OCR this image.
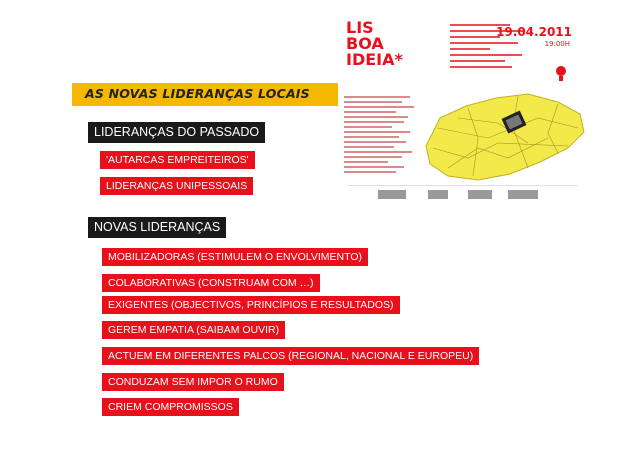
AS NOVAS LIDERANÇAS LOCAIS
LIS
BOA
IDEIA*
19.04.2011
19:00H
LIDERANÇAS DO PASSADO
'AUTARCAS EMPREITEIROS'
LIDERANÇAS UNIPESSOAIS
NOVAS LIDERANÇAS
MOBILIZADORAS (ESTIMULEM O ENVOLVIMENTO)
COLABORATIVAS (CONSTRUAM COM …)
EXIGENTES (OBJECTIVOS, PRINCÍPIOS E RESULTADOS)
GEREM EMPATIA (SAIBAM OUVIR)
ACTUEM EM DIFERENTES PALCOS (REGIONAL, NACIONAL E EUROPEU)
CONDUZAM SEM IMPOR O RUMO
CRIEM COMPROMISSOS
